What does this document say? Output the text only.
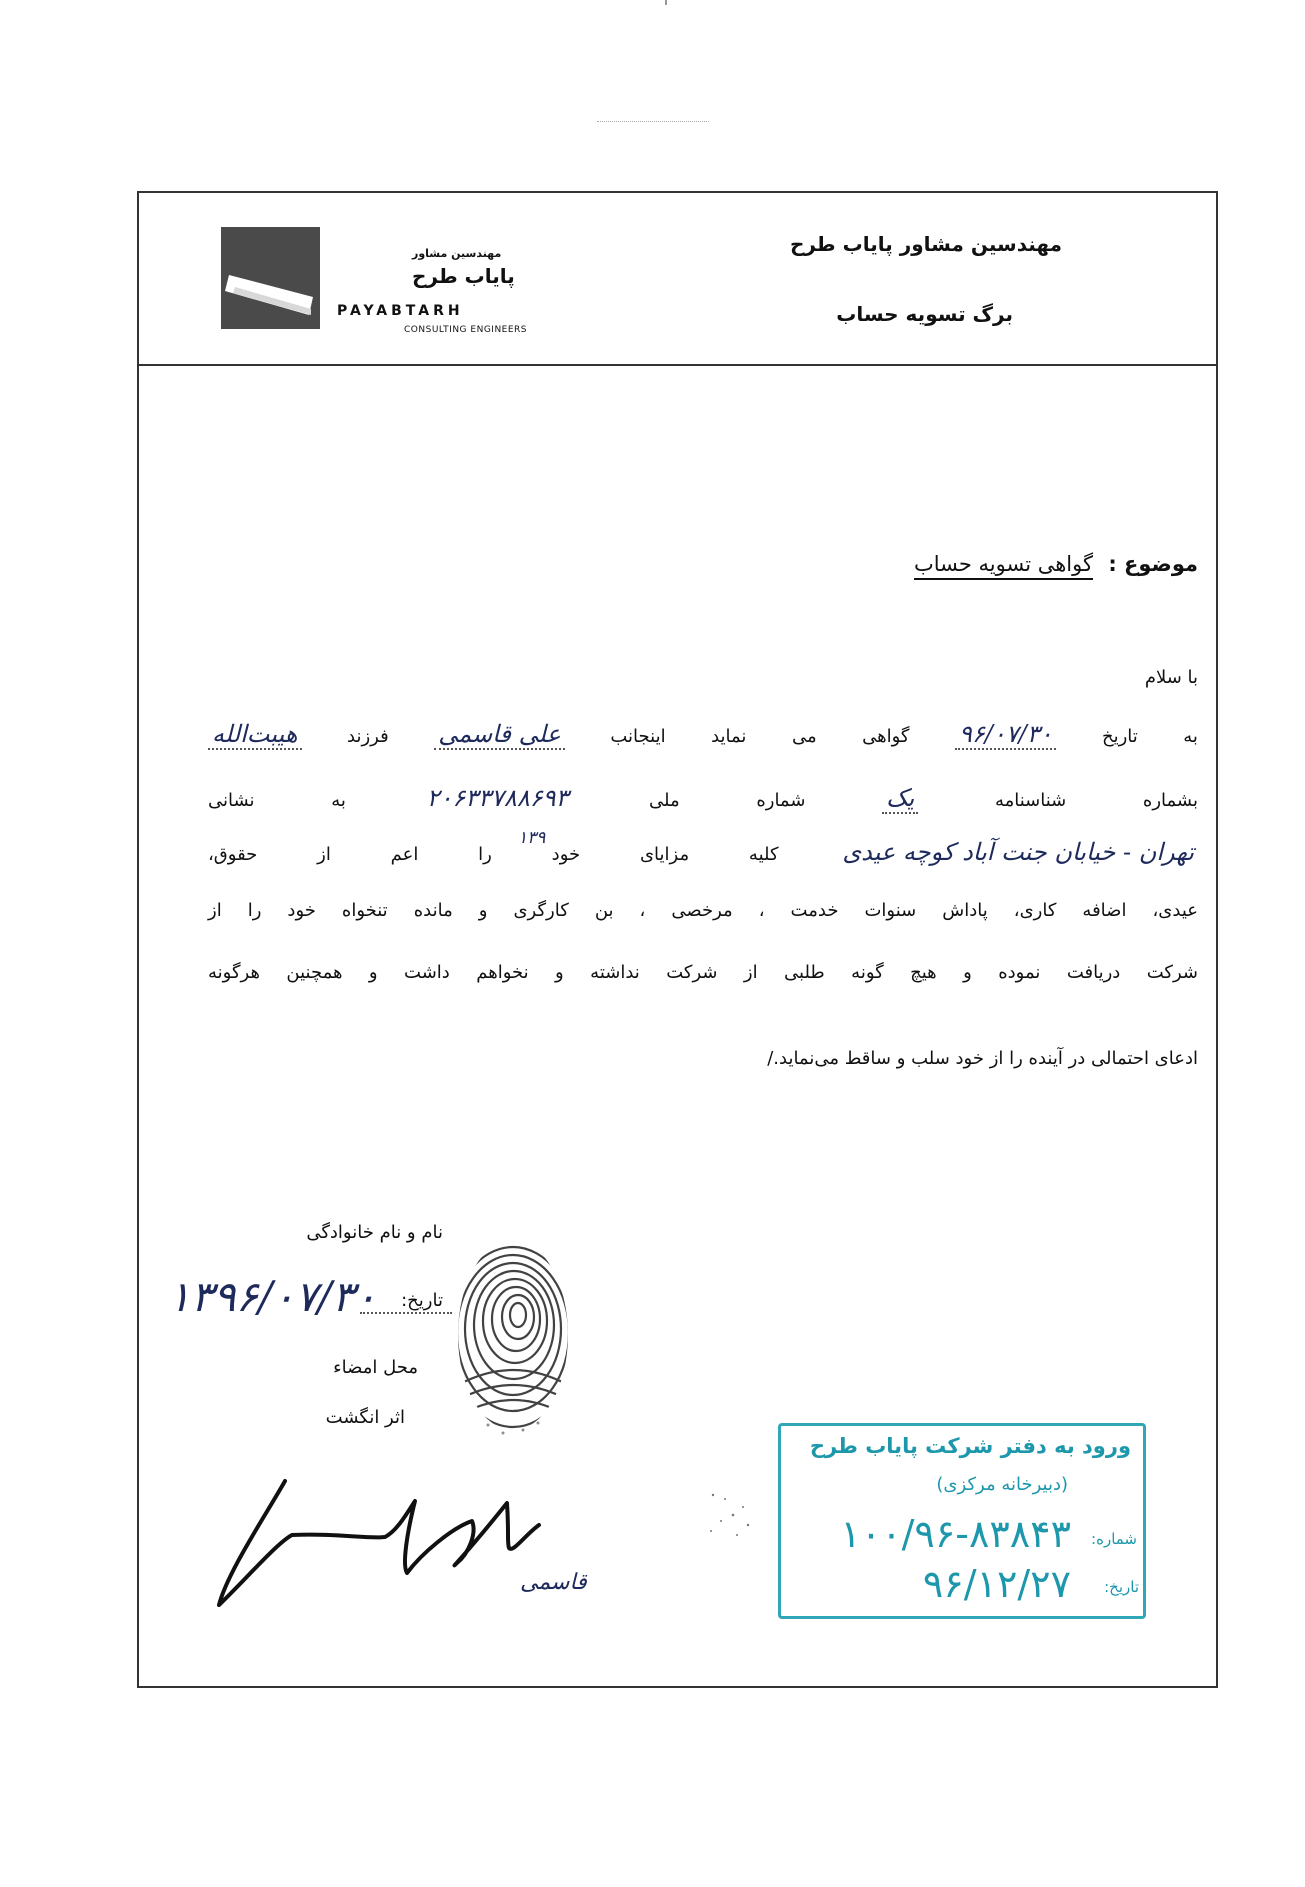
مهندسین مشاور
پایاب طرح
PAYABTARH
CONSULTING ENGINEERS
مهندسین مشاور پایاب طرح
برگ تسویه حساب
موضوع : گواهی تسویه حساب
با سلام
به تاریخ ۹۶/۰۷/۳۰ گواهی می نماید اینجانب علی قاسمی فرزند هیبت‌الله
بشماره شناسنامه یک شماره ملی ۲۰۶۳۳۷۸۸۶۹۳ به نشانی
۱۳۹	تهران - خیابان جنت آباد کوچه عیدی کلیه مزایای خود را اعم از حقوق،
عیدی، اضافه کاری، پاداش سنوات خدمت ، مرخصی ، بن کارگری و مانده تنخواه خود را از
شرکت دریافت نموده و هیچ گونه طلبی از شرکت نداشته و نخواهم داشت و همچنین هرگونه
ادعای احتمالی در آینده را از خود سلب و ساقط می‌نماید./
نام و نام خانوادگی
تاریخ:
۱۳۹۶/۰۷/۳۰
محل امضاء
اثر انگشت
قاسمی
ورود به دفتر شرکت پایاب طرح
(دبیرخانه مرکزی)
شماره:
۱۰۰/۹۶-۸۳۸۴۳
تاریخ:
۹۶/۱۲/۲۷
